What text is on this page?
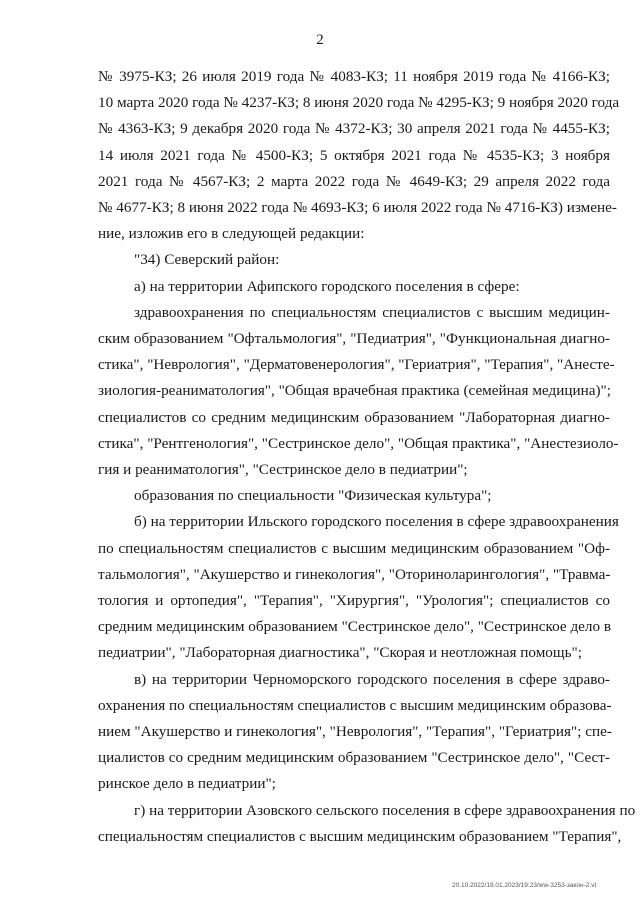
2
№ 3975-КЗ; 26 июля 2019 года № 4083-КЗ; 11 ноября 2019 года № 4166-КЗ;
10 марта 2020 года № 4237-КЗ; 8 июня 2020 года № 4295-КЗ; 9 ноября 2020 года
№ 4363-КЗ; 9 декабря 2020 года № 4372-КЗ; 30 апреля 2021 года № 4455-КЗ;
14 июля 2021 года № 4500-КЗ; 5 октября 2021 года № 4535-КЗ; 3 ноября
2021 года № 4567-КЗ; 2 марта 2022 года № 4649-КЗ; 29 апреля 2022 года
№ 4677-КЗ; 8 июня 2022 года № 4693-КЗ; 6 июля 2022 года № 4716-КЗ) измене-
ние, изложив его в следующей редакции:
"34) Северский район:
а) на территории Афипского городского поселения в сфере:
здравоохранения по специальностям специалистов с высшим медицин-
ским образованием "Офтальмология", "Педиатрия", "Функциональная диагно-
стика", "Неврология", "Дерматовенерология", "Гериатрия", "Терапия", "Анесте-
зиология-реаниматология", "Общая врачебная практика (семейная медицина)";
специалистов со средним медицинским образованием "Лабораторная диагно-
стика", "Рентгенология", "Сестринское дело", "Общая практика", "Анестезиоло-
гия и реаниматология", "Сестринское дело в педиатрии";
образования по специальности "Физическая культура";
б) на территории Ильского городского поселения в сфере здравоохранения
по специальностям специалистов с высшим медицинским образованием "Оф-
тальмология", "Акушерство и гинекология", "Оториноларингология", "Травма-
тология и ортопедия", "Терапия", "Хирургия", "Урология"; специалистов со
средним медицинским образованием "Сестринское дело", "Сестринское дело в
педиатрии", "Лабораторная диагностика", "Скорая и неотложная помощь";
в) на территории Черноморского городского поселения в сфере здраво-
охранения по специальностям специалистов с высшим медицинским образова-
нием "Акушерство и гинекология", "Неврология", "Терапия", "Гериатрия"; спе-
циалистов со средним медицинским образованием "Сестринское дело", "Сест-
ринское дело в педиатрии";
г) на территории Азовского сельского поселения в сфере здравоохранения по
специальностям специалистов с высшим медицинским образованием "Терапия",
20.10.2022/19.01.2023/19:23/ww-3253-закон-2.vt
